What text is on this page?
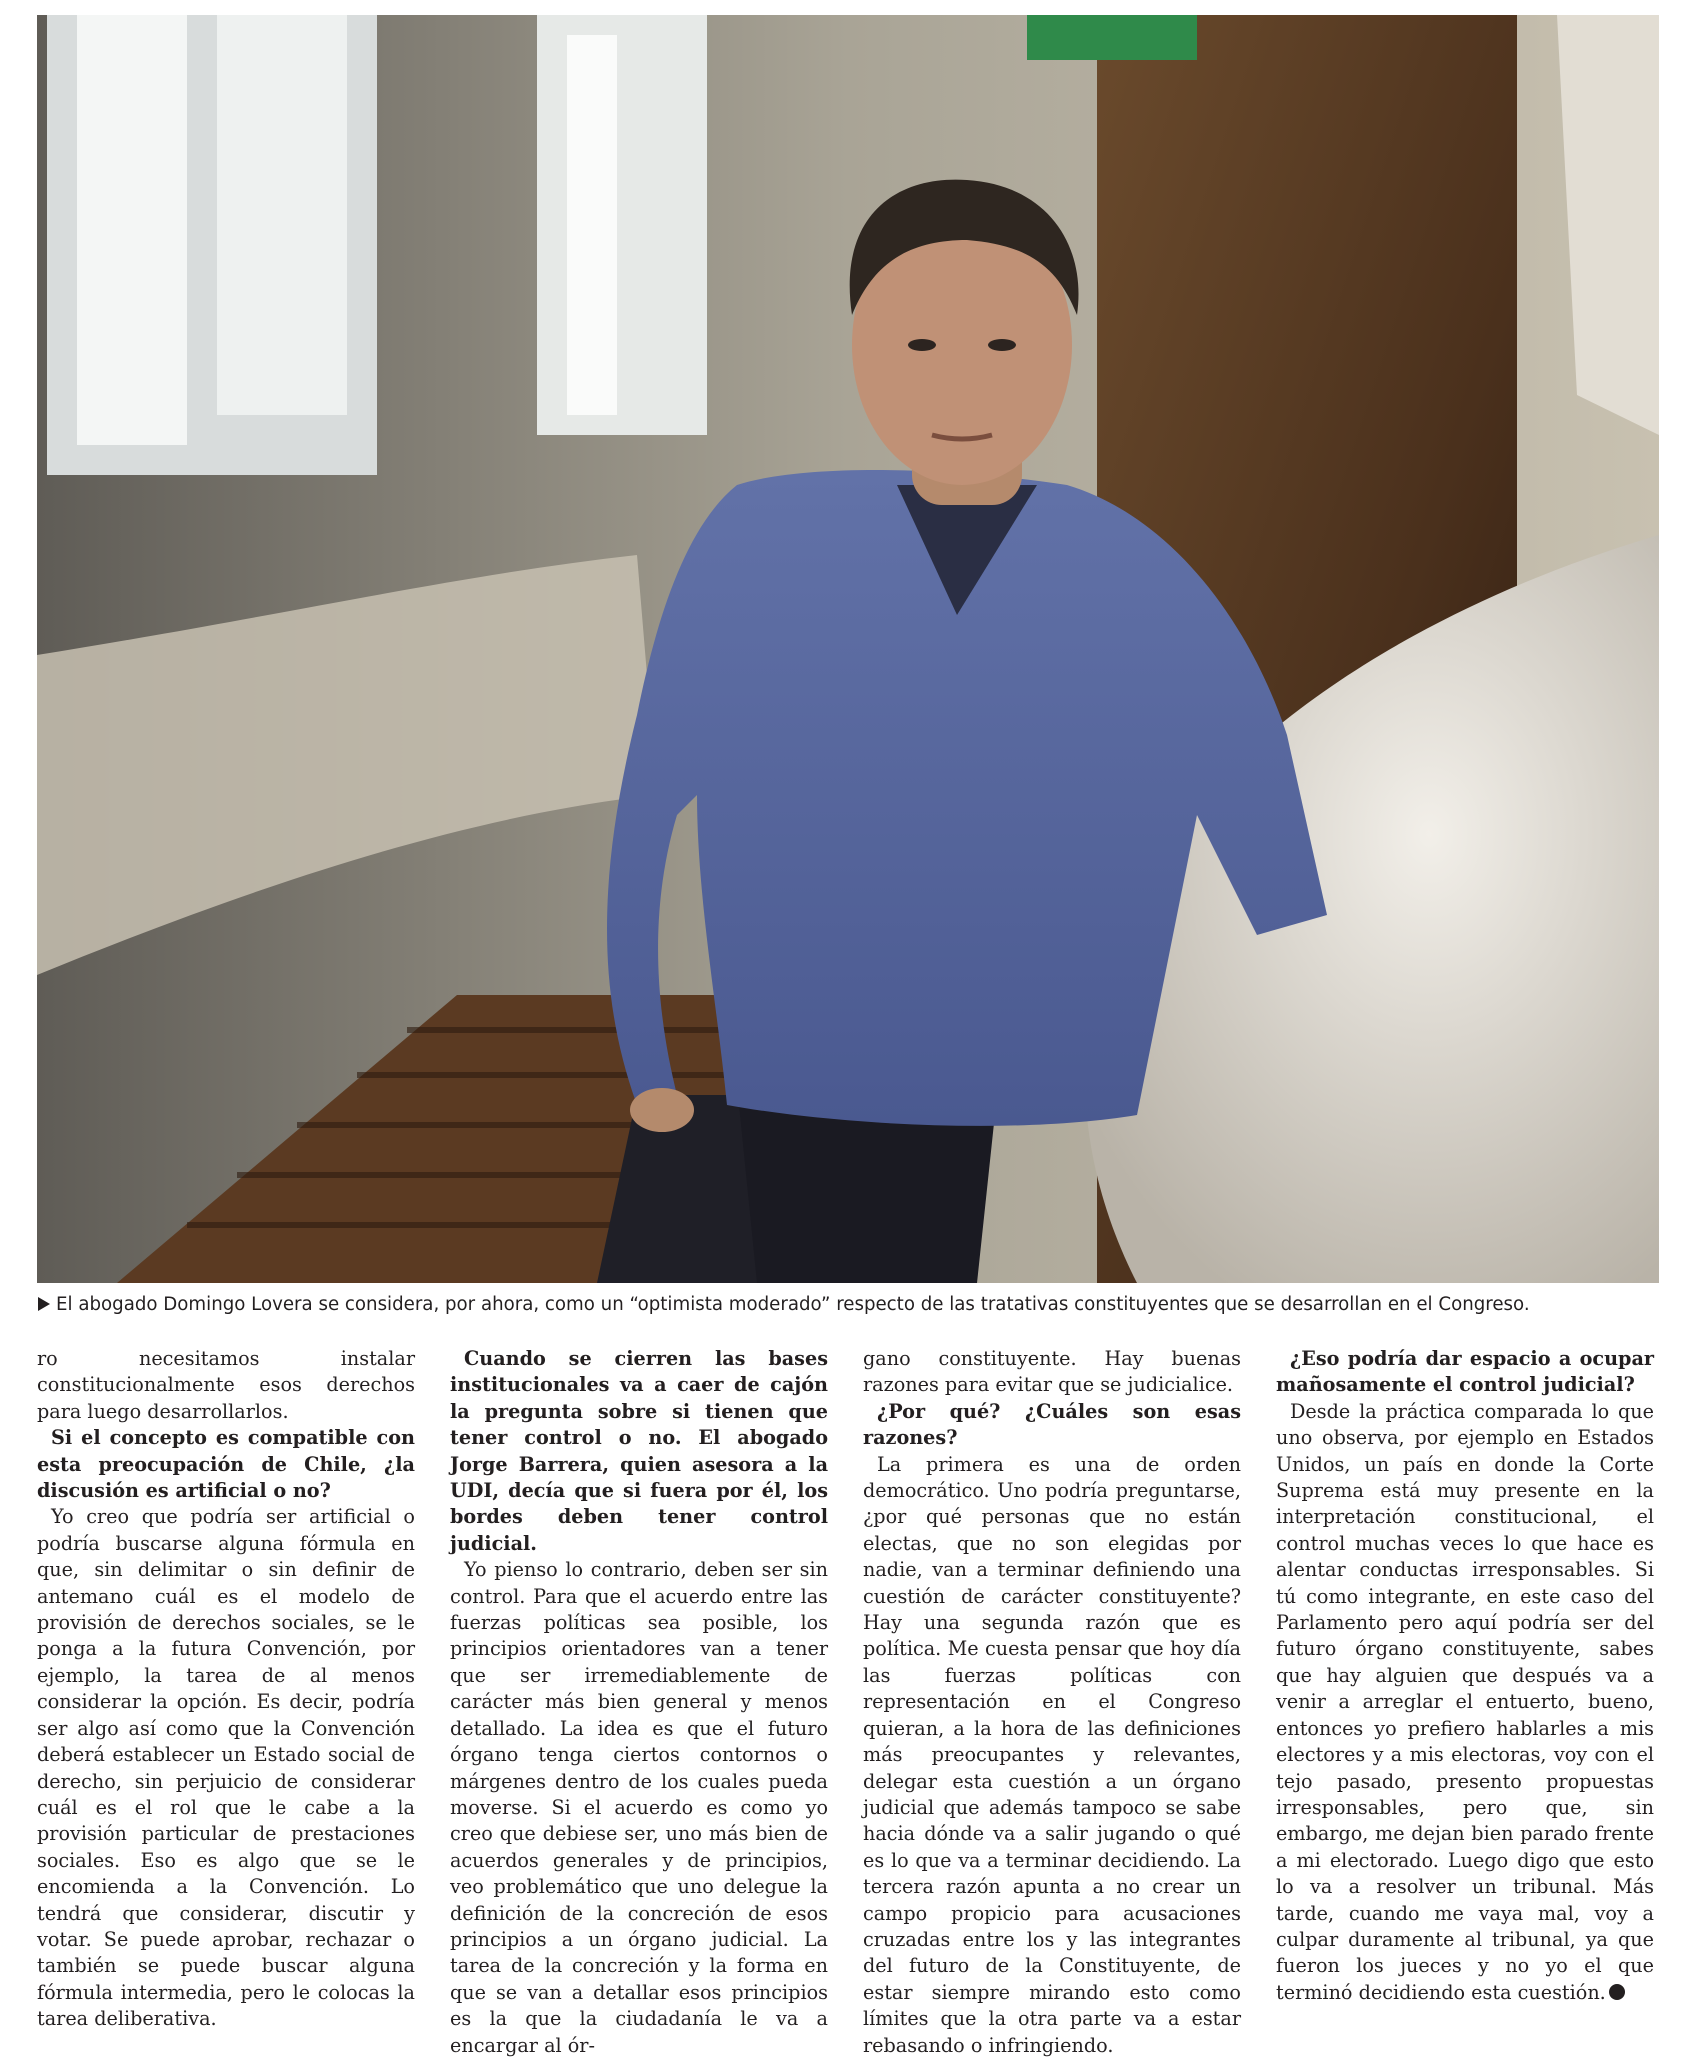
El abogado Domingo Lovera se considera, por ahora, como un “optimista moderado” respecto de las tratativas constituyentes que se desarrollan en el Congreso.

ro necesitamos instalar constitucionalmente esos derechos para luego desarrollarlos.

Si el concepto es compatible con esta preocupación de Chile, ¿la discusión es artificial o no?

Yo creo que podría ser artificial o podría buscarse alguna fórmula en que, sin delimitar o sin definir de antemano cuál es el modelo de provisión de derechos sociales, se le ponga a la futura Convención, por ejemplo, la tarea de al menos considerar la opción. Es decir, podría ser algo así como que la Convención deberá establecer un Estado social de derecho, sin perjuicio de considerar cuál es el rol que le cabe a la provisión particular de prestaciones sociales. Eso es algo que se le encomienda a la Convención. Lo tendrá que considerar, discutir y votar. Se puede aprobar, rechazar o también se puede buscar alguna fórmula intermedia, pero le colocas la tarea deliberativa.

Cuando se cierren las bases institucionales va a caer de cajón la pregunta sobre si tienen que tener control o no. El abogado Jorge Barrera, quien asesora a la UDI, decía que si fuera por él, los bordes deben tener control judicial.

Yo pienso lo contrario, deben ser sin control. Para que el acuerdo entre las fuerzas políticas sea posible, los principios orientadores van a tener que ser irremediablemente de carácter más bien general y menos detallado. La idea es que el futuro órgano tenga ciertos contornos o márgenes dentro de los cuales pueda moverse. Si el acuerdo es como yo creo que debiese ser, uno más bien de acuerdos generales y de principios, veo problemático que uno delegue la definición de la concreción de esos principios a un órgano judicial. La tarea de la concreción y la forma en que se van a detallar esos principios es la que la ciudadanía le va a encargar al ór-

gano constituyente. Hay buenas razones para evitar que se judicialice.

¿Por qué? ¿Cuáles son esas razones?

La primera es una de orden democrático. Uno podría preguntarse, ¿por qué personas que no están electas, que no son elegidas por nadie, van a terminar definiendo una cuestión de carácter constituyente? Hay una segunda razón que es política. Me cuesta pensar que hoy día las fuerzas políticas con representación en el Congreso quieran, a la hora de las definiciones más preocupantes y relevantes, delegar esta cuestión a un órgano judicial que además tampoco se sabe hacia dónde va a salir jugando o qué es lo que va a terminar decidiendo. La tercera razón apunta a no crear un campo propicio para acusaciones cruzadas entre los y las integrantes del futuro de la Constituyente, de estar siempre mirando esto como límites que la otra parte va a estar rebasando o infringiendo.

¿Eso podría dar espacio a ocupar mañosamente el control judicial?

Desde la práctica comparada lo que uno observa, por ejemplo en Estados Unidos, un país en donde la Corte Suprema está muy presente en la interpretación constitucional, el control muchas veces lo que hace es alentar conductas irresponsables. Si tú como integrante, en este caso del Parlamento pero aquí podría ser del futuro órgano constituyente, sabes que hay alguien que después va a venir a arreglar el entuerto, bueno, entonces yo prefiero hablarles a mis electores y a mis electoras, voy con el tejo pasado, presento propuestas irresponsables, pero que, sin embargo, me dejan bien parado frente a mi electorado. Luego digo que esto lo va a resolver un tribunal. Más tarde, cuando me vaya mal, voy a culpar duramente al tribunal, ya que fueron los jueces y no yo el que terminó decidiendo esta cuestión.
